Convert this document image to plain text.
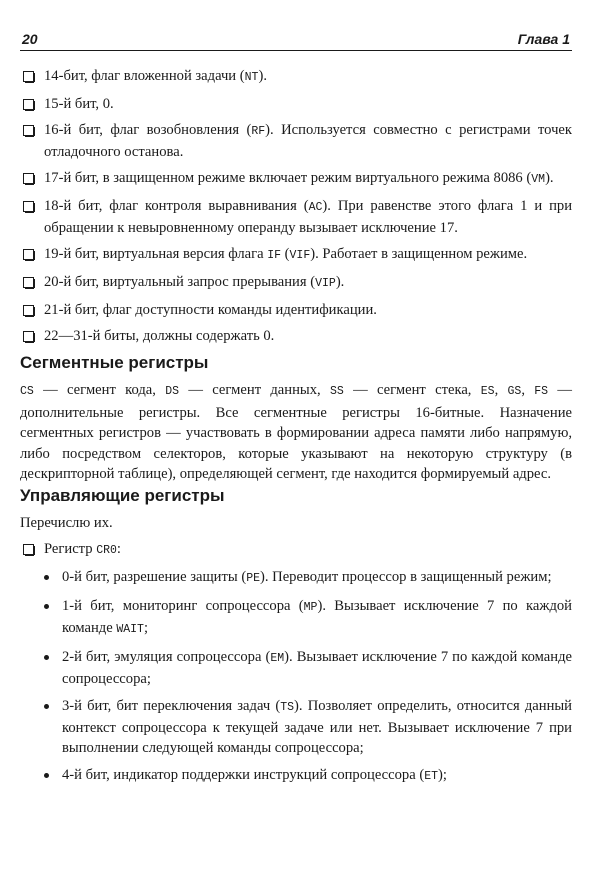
20	Глава 1
14-бит, флаг вложенной задачи (NT).
15-й бит, 0.
16-й бит, флаг возобновления (RF). Используется совместно с регистрами точек отладочного останова.
17-й бит, в защищенном режиме включает режим виртуального режима 8086 (VM).
18-й бит, флаг контроля выравнивания (AC). При равенстве этого флага 1 и при обращении к невыровненному операнду вызывает исключение 17.
19-й бит, виртуальная версия флага IF (VIF). Работает в защищенном режиме.
20-й бит, виртуальный запрос прерывания (VIP).
21-й бит, флаг доступности команды идентификации.
22—31-й биты, должны содержать 0.
Сегментные регистры

CS — сегмент кода, DS — сегмент данных, SS — сегмент стека, ES, GS, FS — дополнительные регистры. Все сегментные регистры 16-битные. Назначение сегментных регистров — участвовать в формировании адреса памяти либо напрямую, либо посредством селекторов, которые указывают на некоторую структуру (в дескрипторной таблице), определяющей сегмент, где находится формируемый адрес.

Управляющие регистры

Перечислю их.

Регистр CR0:
0-й бит, разрешение защиты (PE). Переводит процессор в защищенный режим;
1-й бит, мониторинг сопроцессора (MP). Вызывает исключение 7 по каждой команде WAIT;
2-й бит, эмуляция сопроцессора (EM). Вызывает исключение 7 по каждой команде сопроцессора;
3-й бит, бит переключения задач (TS). Позволяет определить, относится данный контекст сопроцессора к текущей задаче или нет. Вызывает исключение 7 при выполнении следующей команды сопроцессора;
4-й бит, индикатор поддержки инструкций сопроцессора (ET);
